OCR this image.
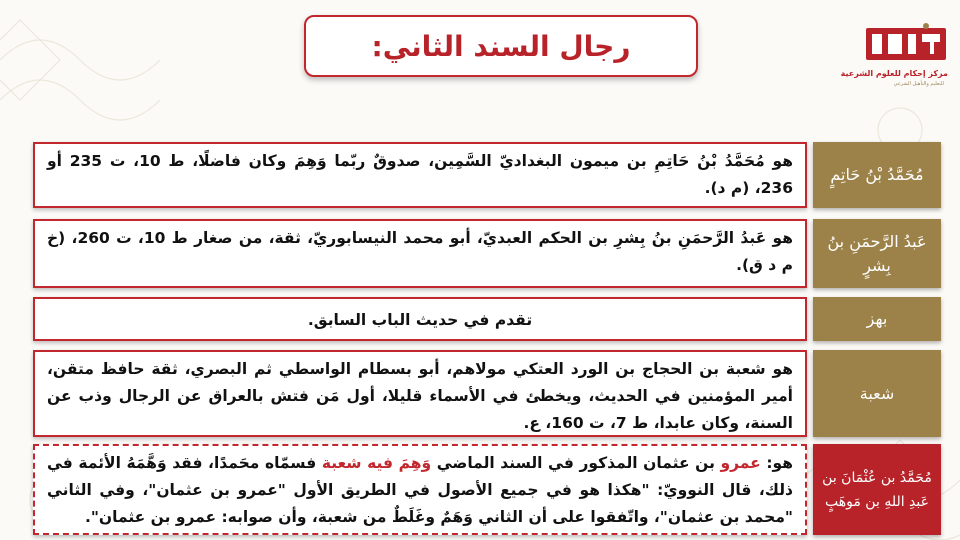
رجال السند الثاني:
مركز إحكام للعلوم الشرعية
للتعليم والتأهيل الشرعي
هو مُحَمَّدُ بْنُ حَاتِمِ بن ميمون البغداديّ السَّمِين، صدوقٌ ربّما وَهِمَ وكان فاضلًا، ط 10، ت 235 أو 236، (م د).
مُحَمَّدُ بْنُ حَاتِمٍ
هو عَبدُ الرَّحمَنِ بنُ بِشرِ بن الحكم العبديّ، أبو محمد النيسابوريّ، ثقة، من صغار ط 10، ت 260، (خ م د ق).
عَبدُ الرَّحمَنِ بنُ بِشرٍ
تقدم في حديث الباب السابق.	بهز
هو شعبة بن الحجاج بن الورد العتكي مولاهم، أبو بسطام الواسطي ثم البصري، ثقة حافظ متقن، أمير المؤمنين في الحديث، ويخطئ في الأسماء قليلا، أول مَن فتش بالعراق عن الرجال وذب عن السنة، وكان عابدا، ط 7، ت 160، ع.
شعبة
هو: عمرو بن عثمان المذكور في السند الماضي وَهِمَ فيه شعبة فسمّاه محَمدًا، فقد وَهَّمَهُ الأئمة في ذلك، قال النوويّ: "هكذا هو في جميع الأصول في الطريق الأول "عمرو بن عثمان"، وفي الثاني "محمد بن عثمان"، واتّفقوا على أن الثاني وَهَمٌ وغَلَطٌ من شعبة، وأن صوابه: عمرو بن عثمان".
مُحَمَّدُ بن عُثْمَانَ بن عَبدِ اللهِ بن مَوهَبٍ
